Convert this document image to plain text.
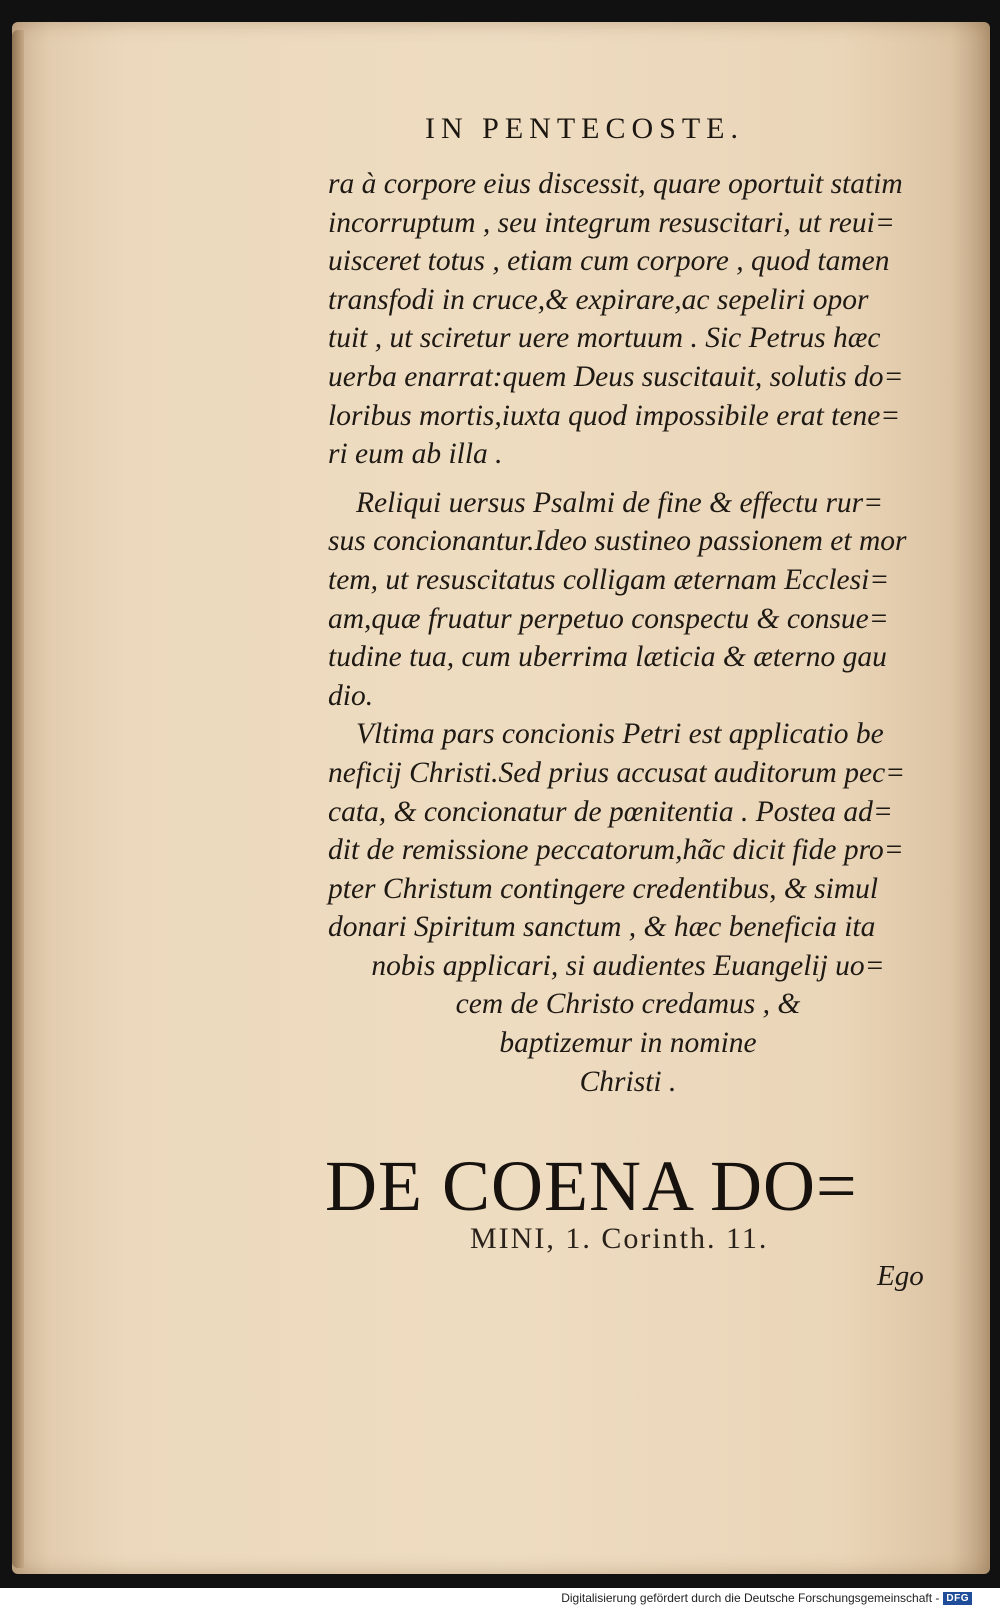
IN PENTECOSTE.
ra à corpore eius discessit, quare oportuit statim
incorruptum , seu integrum resuscitari, ut reui=
uisceret totus , etiam cum corpore , quod tamen
transfodi in cruce,& expirare,ac sepeliri opor
tuit , ut sciretur uere mortuum . Sic Petrus hæc
uerba enarrat:quem Deus suscitauit, solutis do=
loribus mortis,iuxta quod impossibile erat tene=
ri eum ab illa .
Reliqui uersus Psalmi de fine & effectu rur=
sus concionantur.Ideo sustineo passionem et mor
tem, ut resuscitatus colligam æternam Ecclesi=
am,quæ fruatur perpetuo conspectu & consue=
tudine tua, cum uberrima læticia & æterno gau
dio.
Vltima pars concionis Petri est applicatio be
neficij Christi.Sed prius accusat auditorum pec=
cata, & concionatur de pœnitentia . Postea ad=
dit de remissione peccatorum,hãc dicit fide pro=
pter Christum contingere credentibus, & simul
donari Spiritum sanctum , & hæc beneficia ita
nobis applicari, si audientes Euangelij uo=
cem de Christo credamus , &
baptizemur in nomine
Christi .
DE COENA DO=
MINI, 1. Corinth. 11.
Ego
Digitalisierung gefördert durch die Deutsche Forschungsgemeinschaft - DFG
